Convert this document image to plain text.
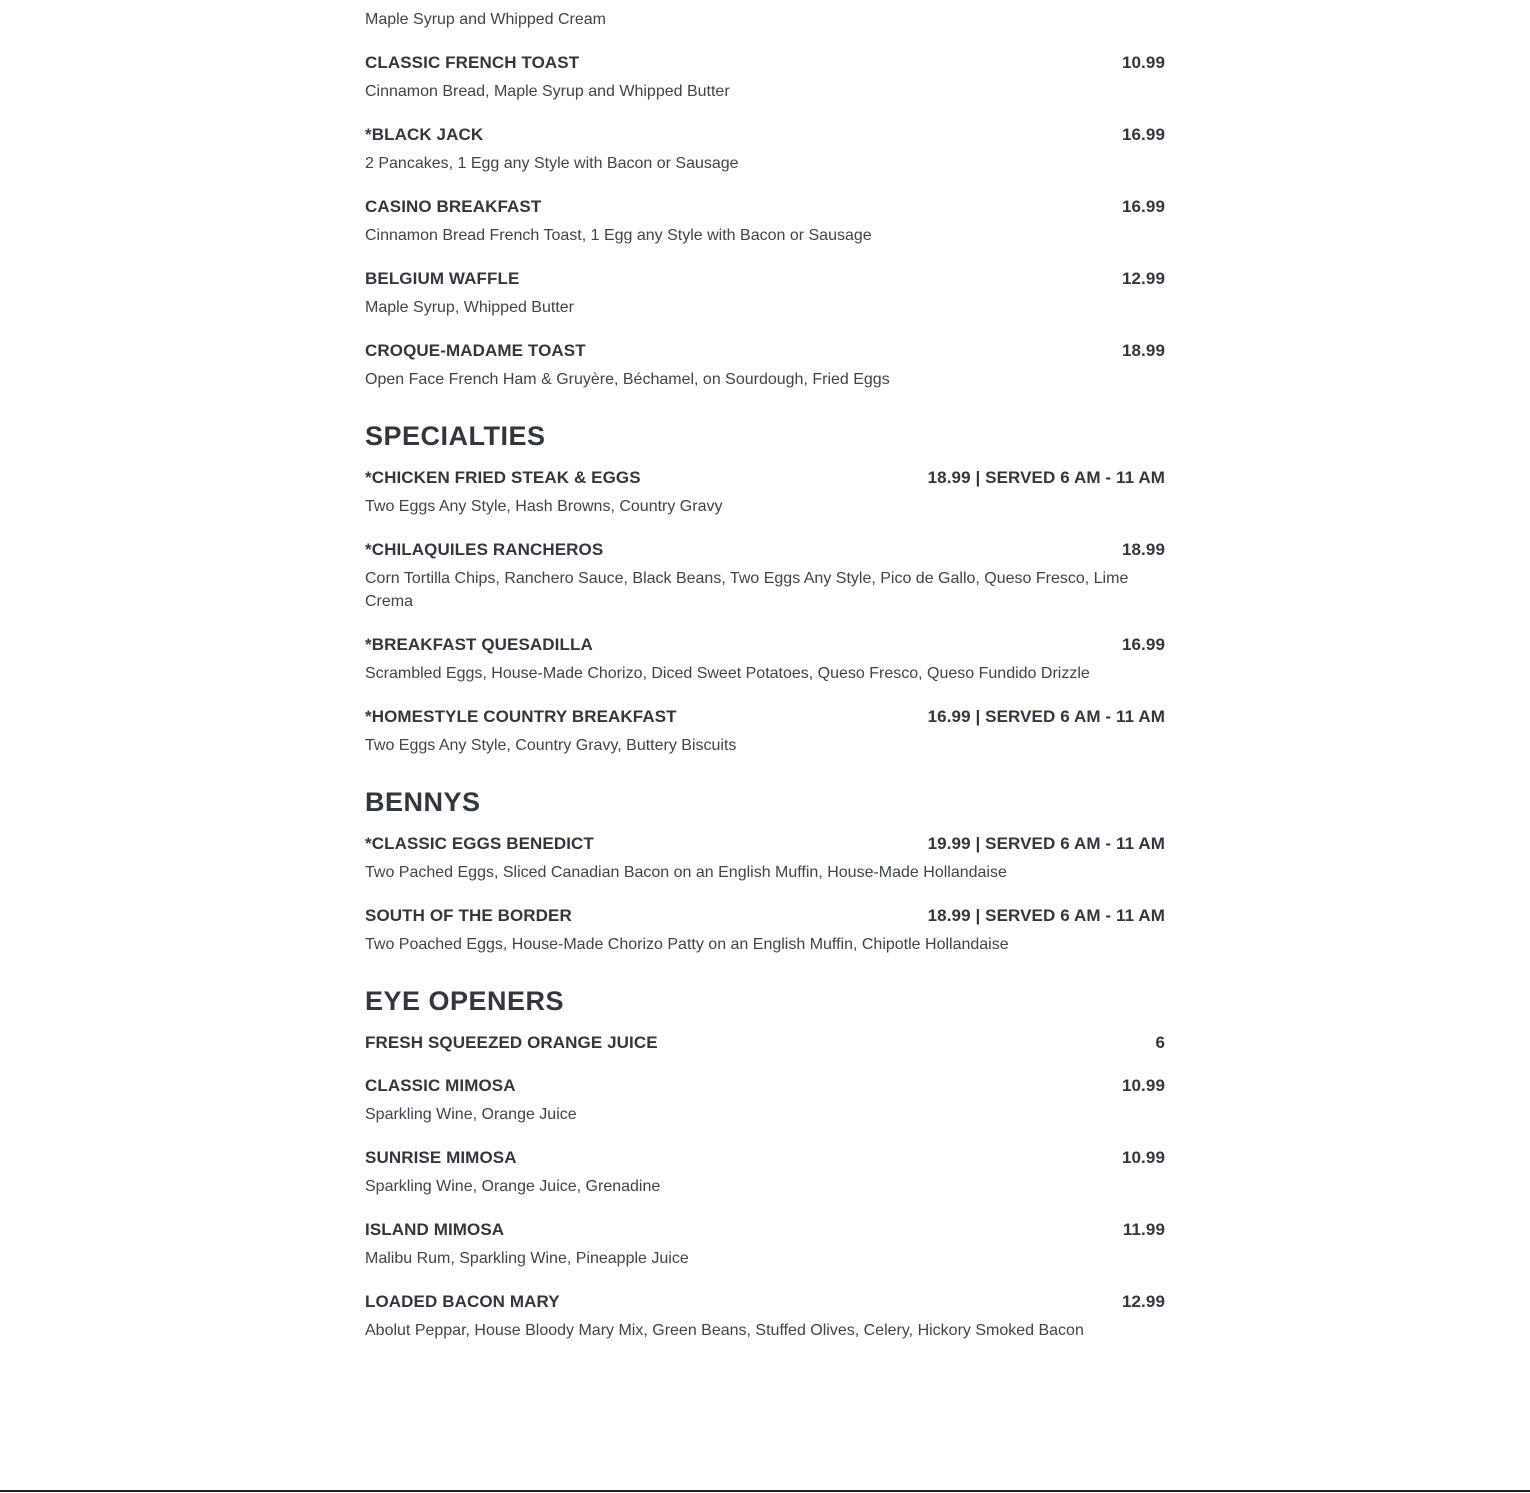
Maple Syrup and Whipped Cream
CLASSIC FRENCH TOAST	10.99
Cinnamon Bread, Maple Syrup and Whipped Butter
*BLACK JACK	16.99
2 Pancakes, 1 Egg any Style with Bacon or Sausage
CASINO BREAKFAST	16.99
Cinnamon Bread French Toast, 1 Egg any Style with Bacon or Sausage
BELGIUM WAFFLE	12.99
Maple Syrup, Whipped Butter
CROQUE-MADAME TOAST	18.99
Open Face French Ham & Gruyère, Béchamel, on Sourdough, Fried Eggs
SPECIALTIES
*CHICKEN FRIED STEAK & EGGS	18.99 | SERVED 6 AM - 11 AM
Two Eggs Any Style, Hash Browns, Country Gravy
*CHILAQUILES RANCHEROS	18.99
Corn Tortilla Chips, Ranchero Sauce, Black Beans, Two Eggs Any Style, Pico de Gallo, Queso Fresco, Lime Crema
*BREAKFAST QUESADILLA	16.99
Scrambled Eggs, House-Made Chorizo, Diced Sweet Potatoes, Queso Fresco, Queso Fundido Drizzle
*HOMESTYLE COUNTRY BREAKFAST	16.99 | SERVED 6 AM - 11 AM
Two Eggs Any Style, Country Gravy, Buttery Biscuits
BENNYS
*CLASSIC EGGS BENEDICT	19.99 | SERVED 6 AM - 11 AM
Two Pached Eggs, Sliced Canadian Bacon on an English Muffin, House-Made Hollandaise
SOUTH OF THE BORDER	18.99 | SERVED 6 AM - 11 AM
Two Poached Eggs, House-Made Chorizo Patty on an English Muffin, Chipotle Hollandaise
EYE OPENERS
FRESH SQUEEZED ORANGE JUICE	6
CLASSIC MIMOSA	10.99
Sparkling Wine, Orange Juice
SUNRISE MIMOSA	10.99
Sparkling Wine, Orange Juice, Grenadine
ISLAND MIMOSA	11.99
Malibu Rum, Sparkling Wine, Pineapple Juice
LOADED BACON MARY	12.99
Abolut Peppar, House Bloody Mary Mix, Green Beans, Stuffed Olives, Celery, Hickory Smoked Bacon
